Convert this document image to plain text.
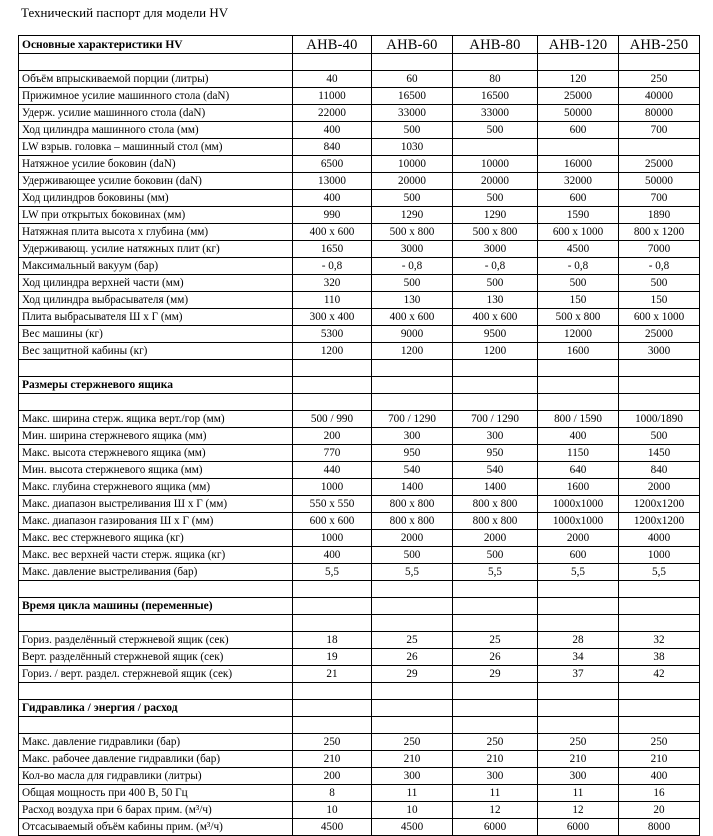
Технический паспорт для модели HV
Основные характеристики HV	AHB-40	AHB-60	AHB-80	AHB-120	AHB-250

Объём впрыскиваемой порции (литры)	40	60	80	120	250
Прижимное усилие машинного стола (daN)	11000	16500	16500	25000	40000
Удерж. усилие машинного стола (daN)	22000	33000	33000	50000	80000
Ход цилиндра машинного стола (мм)	400	500	500	600	700
LW взрыв. головка – машинный стол (мм)	840	1030			
Натяжное усилие боковин (daN)	6500	10000	10000	16000	25000
Удерживающее усилие боковин (daN)	13000	20000	20000	32000	50000
Ход цилиндров боковины (мм)	400	500	500	600	700
LW при открытых боковинах (мм)	990	1290	1290	1590	1890
Натяжная плита высота х глубина (мм)	400 х 600	500 х 800	500 х 800	600 х 1000	800 х 1200
Удерживающ. усилие натяжных плит (кг)	1650	3000	3000	4500	7000
Максимальный вакуум (бар)	- 0,8	- 0,8	- 0,8	- 0,8	- 0,8
Ход цилиндра верхней части (мм)	320	500	500	500	500
Ход цилиндра выбрасывателя (мм)	110	130	130	150	150
Плита выбрасывателя Ш х Г (мм)	300 х 400	400 х 600	400 х 600	500 х 800	600 х 1000
Вес машины (кг)	5300	9000	9500	12000	25000
Вес защитной кабины (кг)	1200	1200	1200	1600	3000

Размеры стержневого ящика					

Макс. ширина стерж. ящика верт./гор (мм)	500 / 990	700 / 1290	700 / 1290	800 / 1590	1000/1890
Мин. ширина стержневого ящика (мм)	200	300	300	400	500
Макс. высота стержневого ящика (мм)	770	950	950	1150	1450
Мин. высота стержневого ящика (мм)	440	540	540	640	840
Макс. глубина стержневого ящика (мм)	1000	1400	1400	1600	2000
Макс. диапазон выстреливания Ш х Г (мм)	550 х 550	800 х 800	800 х 800	1000х1000	1200х1200
Макс. диапазон газирования Ш х Г (мм)	600 х 600	800 х 800	800 х 800	1000х1000	1200х1200
Макс. вес стержневого ящика (кг)	1000	2000	2000	2000	4000
Макс. вес верхней части стерж. ящика (кг)	400	500	500	600	1000
Макс. давление выстреливания (бар)	5,5	5,5	5,5	5,5	5,5

Время цикла машины (переменные)					

Гориз. разделённый стержневой ящик (сек)	18	25	25	28	32
Верт. разделённый стержневой ящик (сек)	19	26	26	34	38
Гориз. / верт. раздел. стержневой ящик (сек)	21	29	29	37	42

Гидравлика / энергия / расход					

Макс. давление гидравлики (бар)	250	250	250	250	250
Макс. рабочее давление гидравлики (бар)	210	210	210	210	210
Кол-во масла для гидравлики (литры)	200	300	300	300	400
Общая мощность при 400 В, 50 Гц	8	11	11	11	16
Расход воздуха при 6 барах прим. (м³/ч)	10	10	12	12	20
Отсасываемый объём кабины прим. (м³/ч)	4500	4500	6000	6000	8000
